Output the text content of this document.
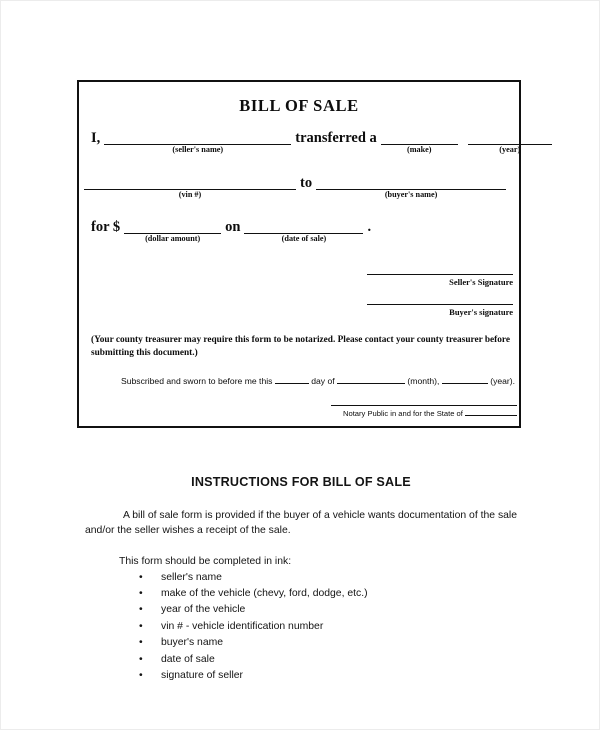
BILL OF SALE
I,
(seller's name)
transferred a
(make)
	(year)
(vin #)
to
(buyer's name)
for $
(dollar amount)
on
(date of sale)
.
Seller's Signature
Buyer's signature
(Your county treasurer may require this form to be notarized. Please contact your county treasurer before submitting this document.)
Subscribed and sworn to before me this	day of	(month),	(year).
Notary Public in and for the State of
INSTRUCTIONS FOR BILL OF SALE
A bill of sale form is provided if the buyer of a vehicle wants documentation of the sale and/or the seller wishes a receipt of the sale.
This form should be completed in ink:
• seller's name
• make of the vehicle (chevy, ford, dodge, etc.)
• year of the vehicle
• vin # - vehicle identification number
• buyer's name
• date of sale
• signature of seller
